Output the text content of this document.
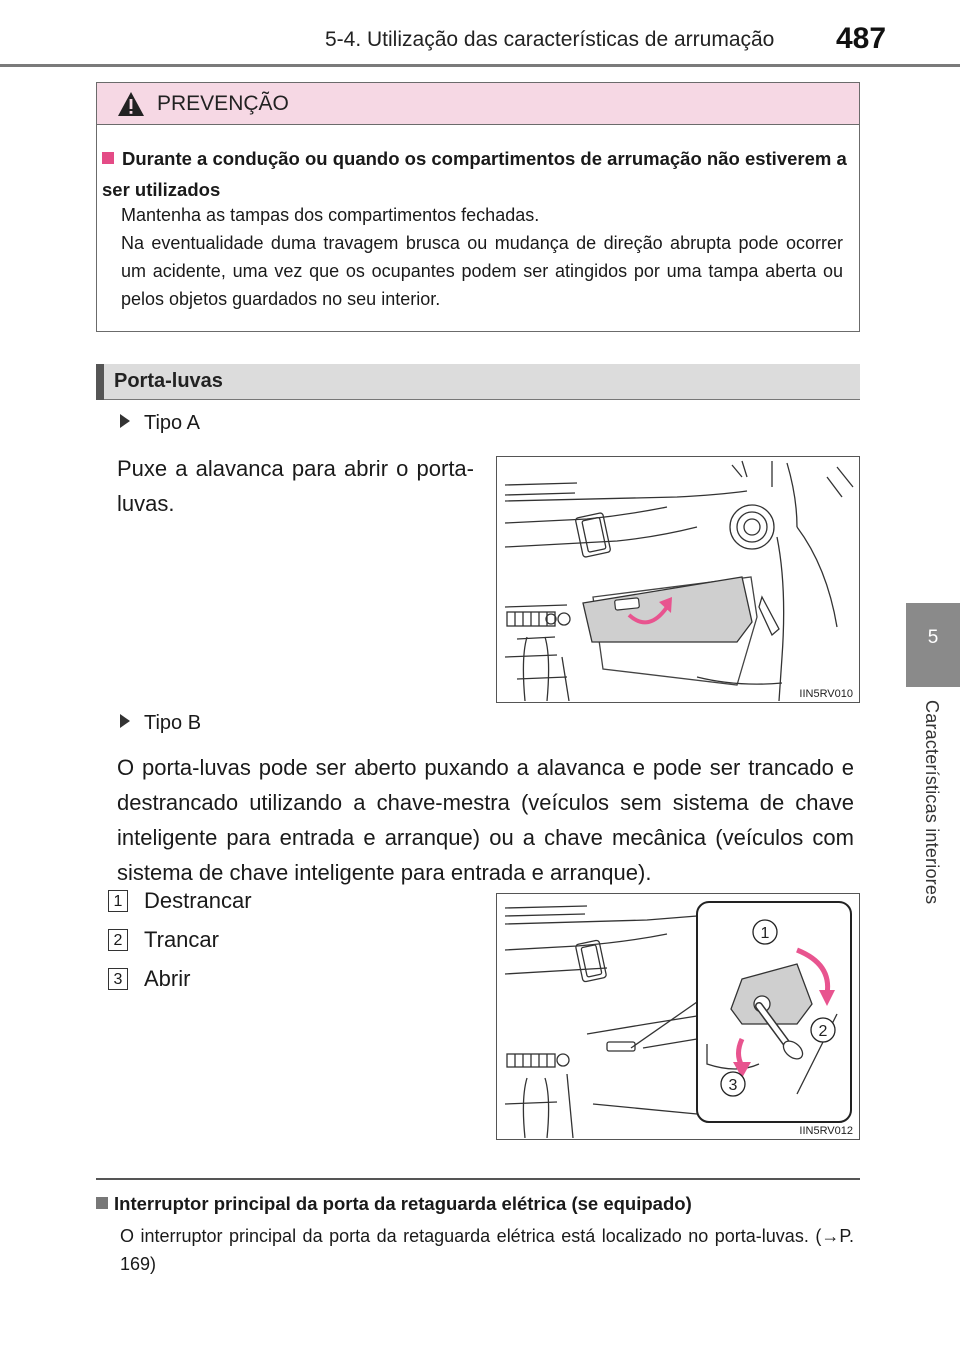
5-4. Utilização das características de arrumação 487
5
Características interiores
PREVENÇÃO
Durante a condução ou quando os compartimentos de arrumação não estiverem a ser utilizados
Mantenha as tampas dos compartimentos fechadas.
Na eventualidade duma travagem brusca ou mudança de direção abrupta pode ocorrer um acidente, uma vez que os ocupantes podem ser atingidos por uma tampa aberta ou pelos objetos guardados no seu interior.
Porta-luvas
Tipo A
Puxe a alavanca para abrir o porta-luvas.
IIN5RV010
Tipo B
O porta-luvas pode ser aberto puxando a alavanca e pode ser trancado e destrancado utilizando a chave-mestra (veículos sem sistema de chave inteligente para entrada e arranque) ou a chave mecânica (veículos com sistema de chave inteligente para entrada e arranque).
1 Destrancar
2 Trancar
3 Abrir
1
2
3
IIN5RV012
Interruptor principal da porta da retaguarda elétrica (se equipado)
O interruptor principal da porta da retaguarda elétrica está localizado no porta-luvas. (→P. 169)
